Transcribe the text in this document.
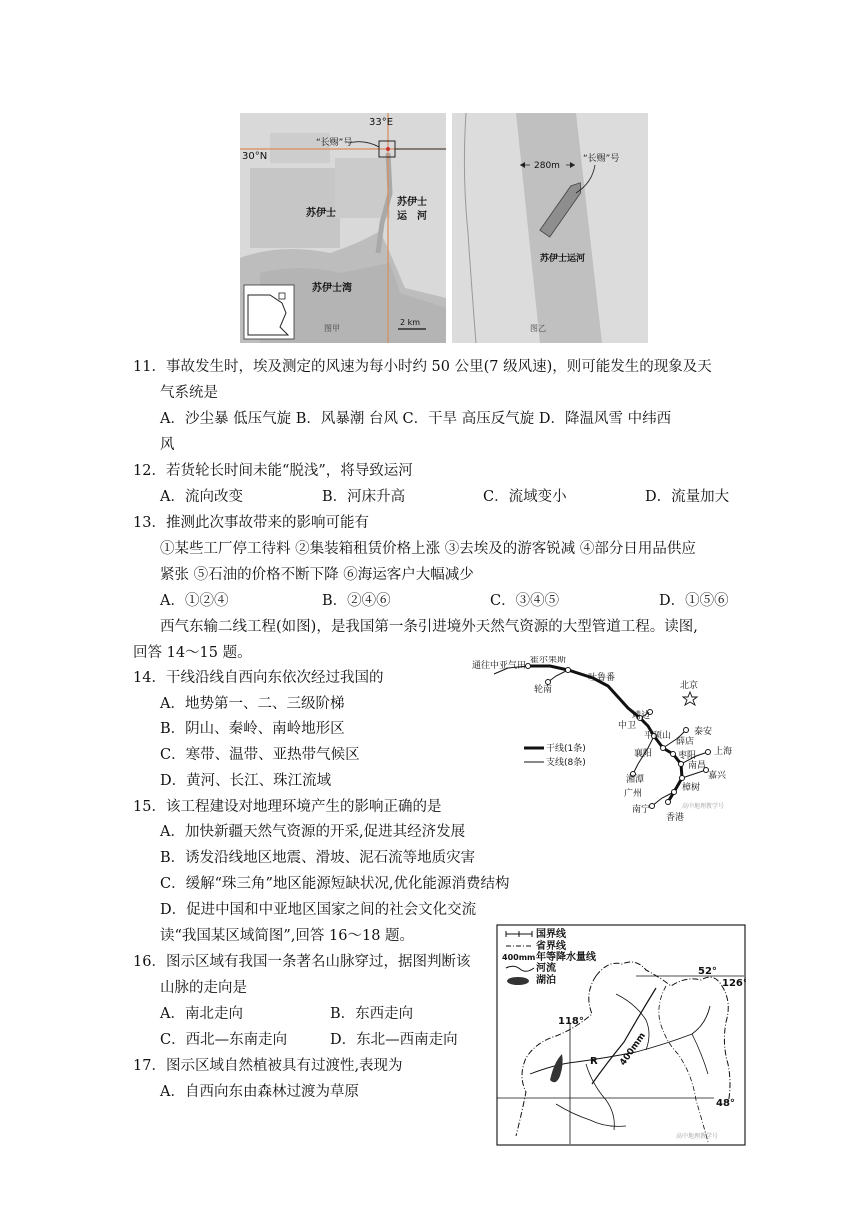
33°E
30°N
“长赐”号
苏伊士
苏伊士
运　河
苏伊士湾
图甲
2 km
280m
“长赐”号
苏伊士运河
图乙
11．事故发生时，埃及测定的风速为每小时约 50 公里(7 级风速)，则可能发生的现象及天
气系统是
A．沙尘暴 低压气旋 B．风暴潮 台风 C．干旱 高压反气旋 D．降温风雪 中纬西
风
12．若货轮长时间未能“脱浅”，将导致运河
A．流向改变	B．河床升高	C．流域变小	D．流量加大
13．推测此次事故带来的影响可能有
①某些工厂停工待料 ②集装箱租赁价格上涨 ③去埃及的游客锐减 ④部分日用品供应
紧张 ⑤石油的价格不断下降 ⑥海运客户大幅减少
A．①②④	B．②④⑥	C．③④⑤	D．①⑤⑥
西气东输二线工程(如图)，是我国第一条引进境外天然气资源的大型管道工程。读图,
回答 14～15 题。
14．干线沿线自西向东依次经过我国的
A．地势第一、二、三级阶梯
B．阴山、秦岭、南岭地形区
C．寒带、温带、亚热带气候区
D．黄河、长江、珠江流域
干线(1条)
支线(8条)
霍尔果斯
通往中亚气田
吐鲁番
轮南	北京
靖边
中卫
平顶山	泰安
薛店
襄阳	枣阳
南昌
上海
嘉兴
湘潭
樟树
广州
南宁
香港
高中地理教学号
15．该工程建设对地理环境产生的影响正确的是
A．加快新疆天然气资源的开采,促进其经济发展
B．诱发沿线地区地震、滑坡、泥石流等地质灾害
C．缓解“珠三角”地区能源短缺状况,优化能源消费结构
D．促进中国和中亚地区国家之间的社会文化交流
读“我国某区域简图”,回答 16～18 题。
16．图示区域有我国一条著名山脉穿过，据图判断该
山脉的走向是
A．南北走向	B．东西走向
C．西北—东南走向	D．东北—西南走向
17．图示区域自然植被具有过渡性,表现为
A．自西向东由森林过渡为草原
国界线
省界线
400mm 年等降水量线
河流
湖泊
52°
126°
118°
R
48°
400mm
高中地理教学号
